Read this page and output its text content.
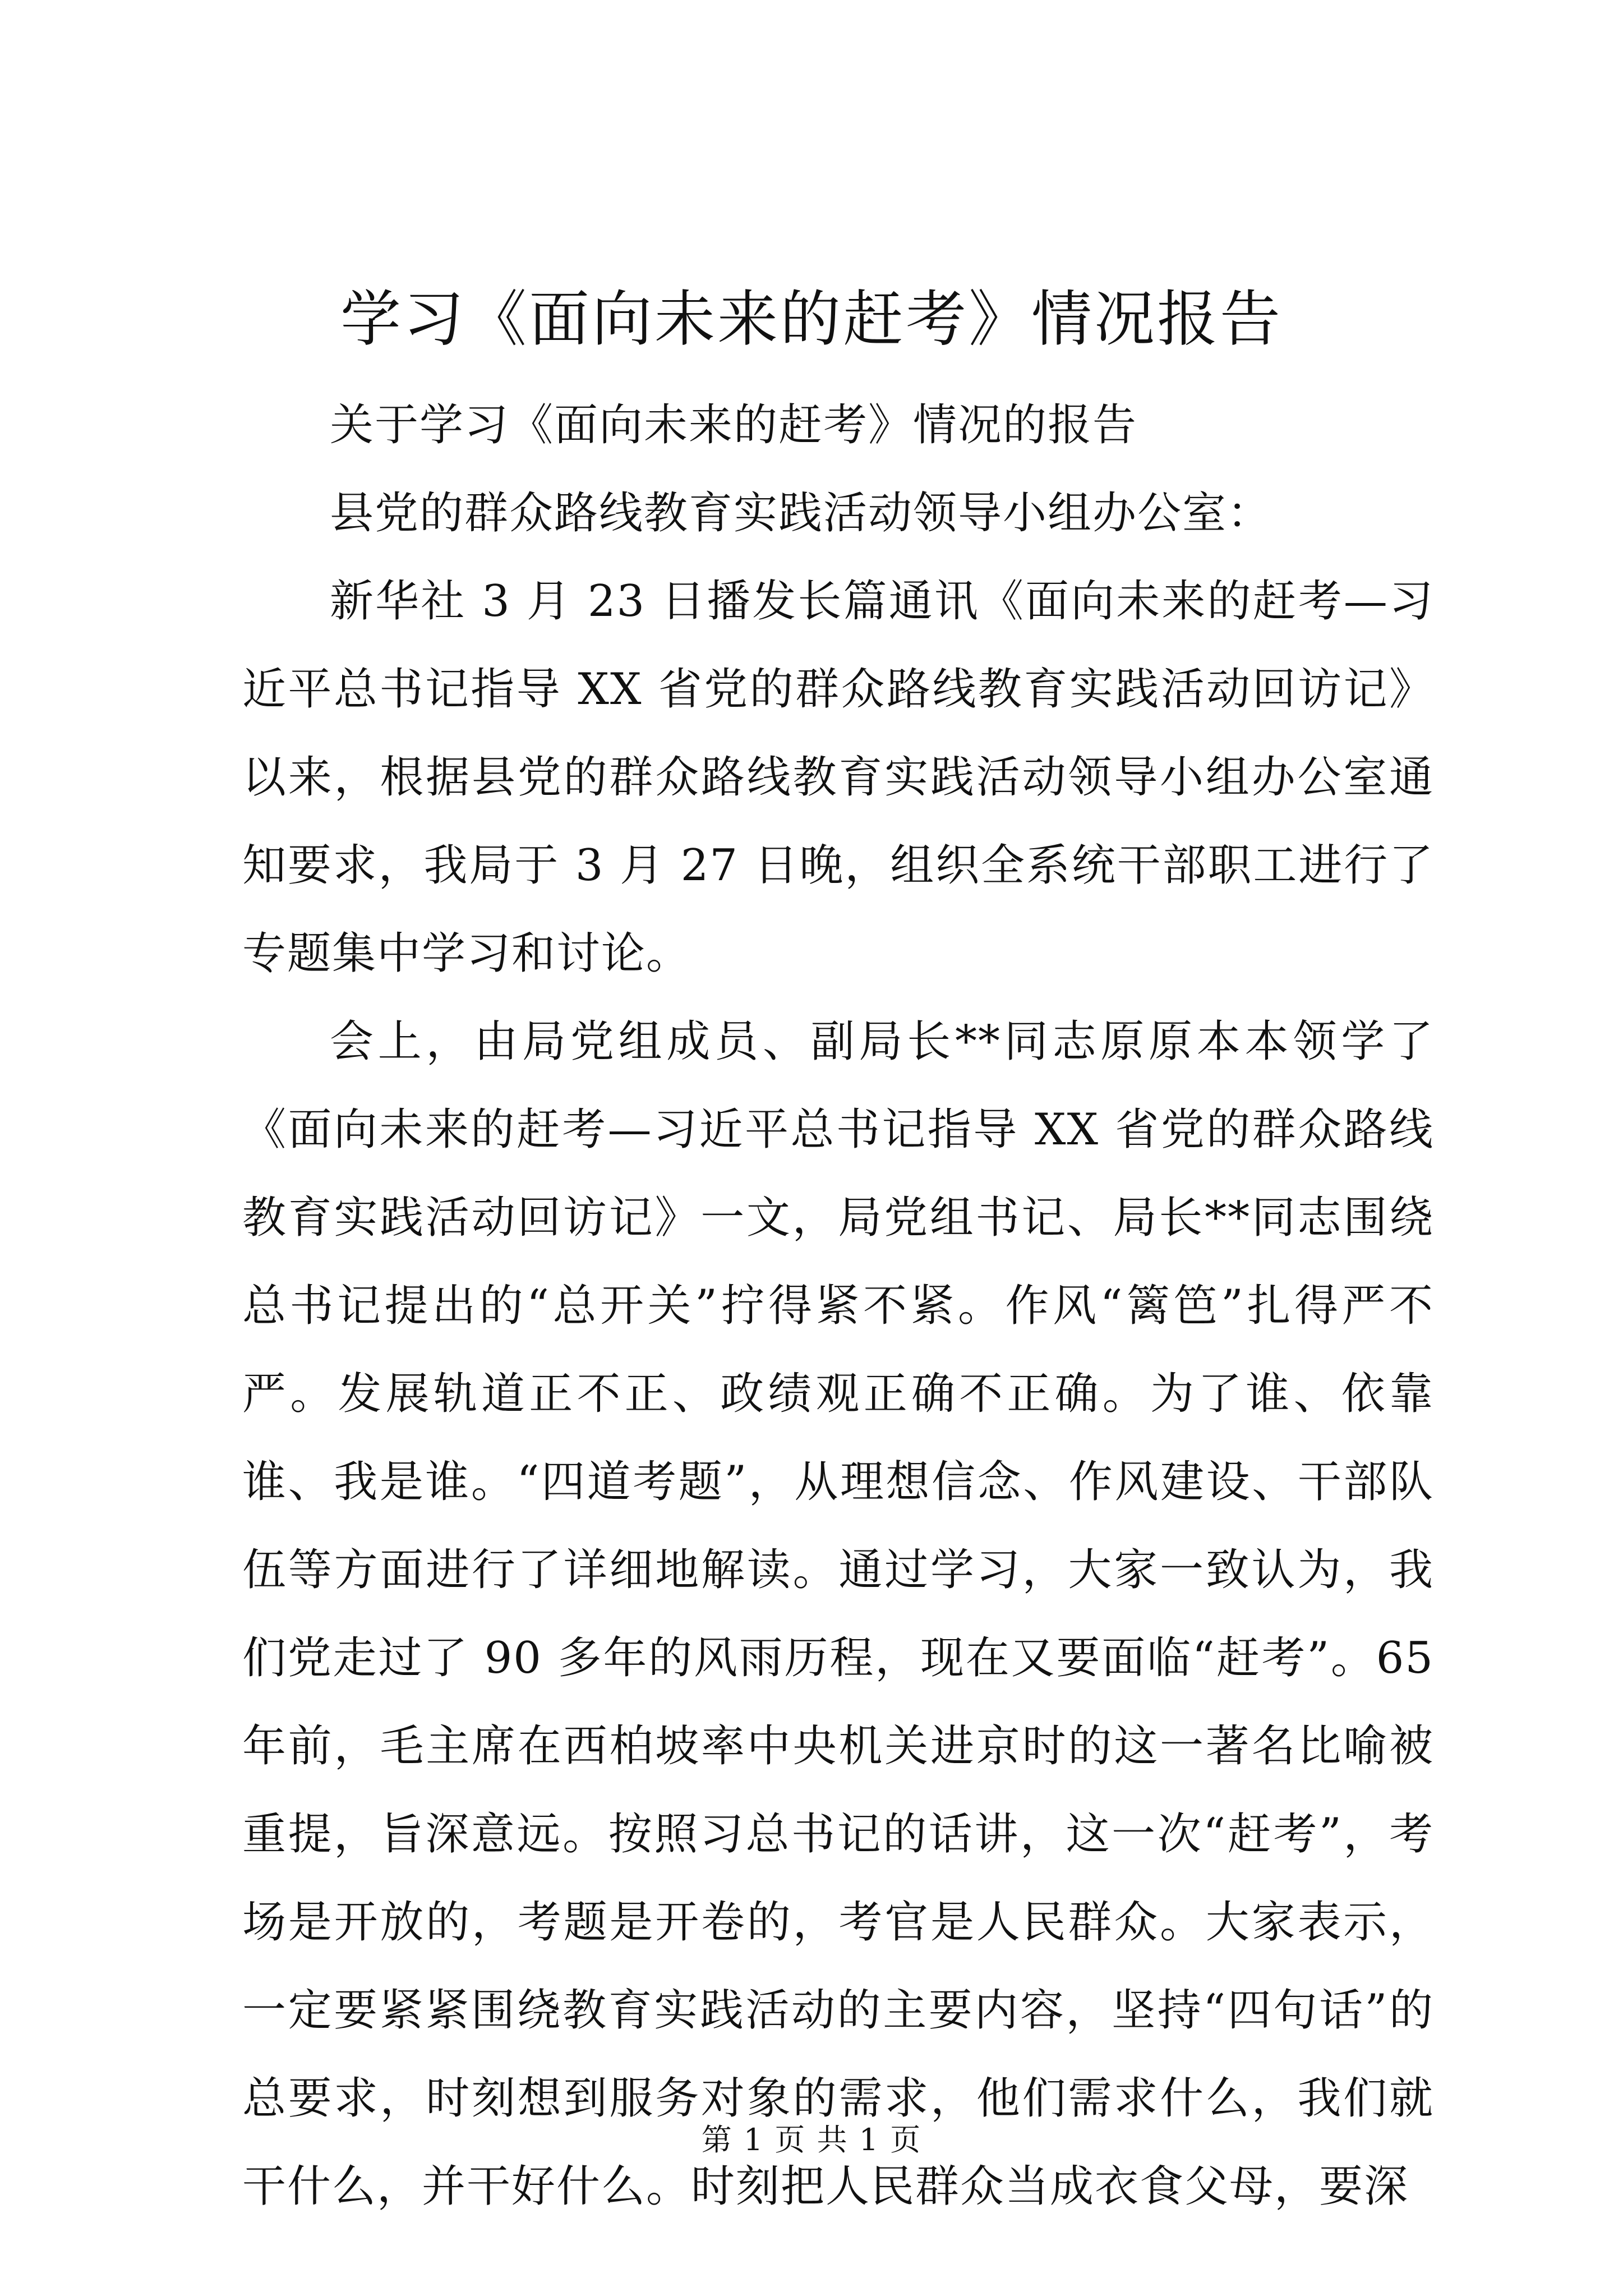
学习《面向未来的赶考》情况报告

关于学习《面向未来的赶考》情况的报告

县党的群众路线教育实践活动领导小组办公室：

新华社 3 月 23 日播发长篇通讯《面向未来的赶考—习近平总书记指导 XX 省党的群众路线教育实践活动回访记》以来，根据县党的群众路线教育实践活动领导小组办公室通知要求，我局于 3 月 27 日晚，组织全系统干部职工进行了专题集中学习和讨论。

会上，由局党组成员、副局长**同志原原本本领学了《面向未来的赶考—习近平总书记指导 XX 省党的群众路线教育实践活动回访记》一文，局党组书记、局长**同志围绕总书记提出的“总开关”拧得紧不紧。作风“篱笆”扎得严不严。发展轨道正不正、政绩观正确不正确。为了谁、依靠谁、我是谁。“四道考题”，从理想信念、作风建设、干部队伍等方面进行了详细地解读。通过学习，大家一致认为，我们党走过了 90 多年的风雨历程，现在又要面临“赶考”。65 年前，毛主席在西柏坡率中央机关进京时的这一著名比喻被重提，旨深意远。按照习总书记的话讲，这一次“赶考”，考场是开放的，考题是开卷的，考官是人民群众。大家表示，一定要紧紧围绕教育实践活动的主要内容，坚持“四句话”的总要求，时刻想到服务对象的需求，他们需求什么，我们就干什么，并干好什么。时刻把人民群众当成衣食父母，要深

第 1 页 共 1 页
